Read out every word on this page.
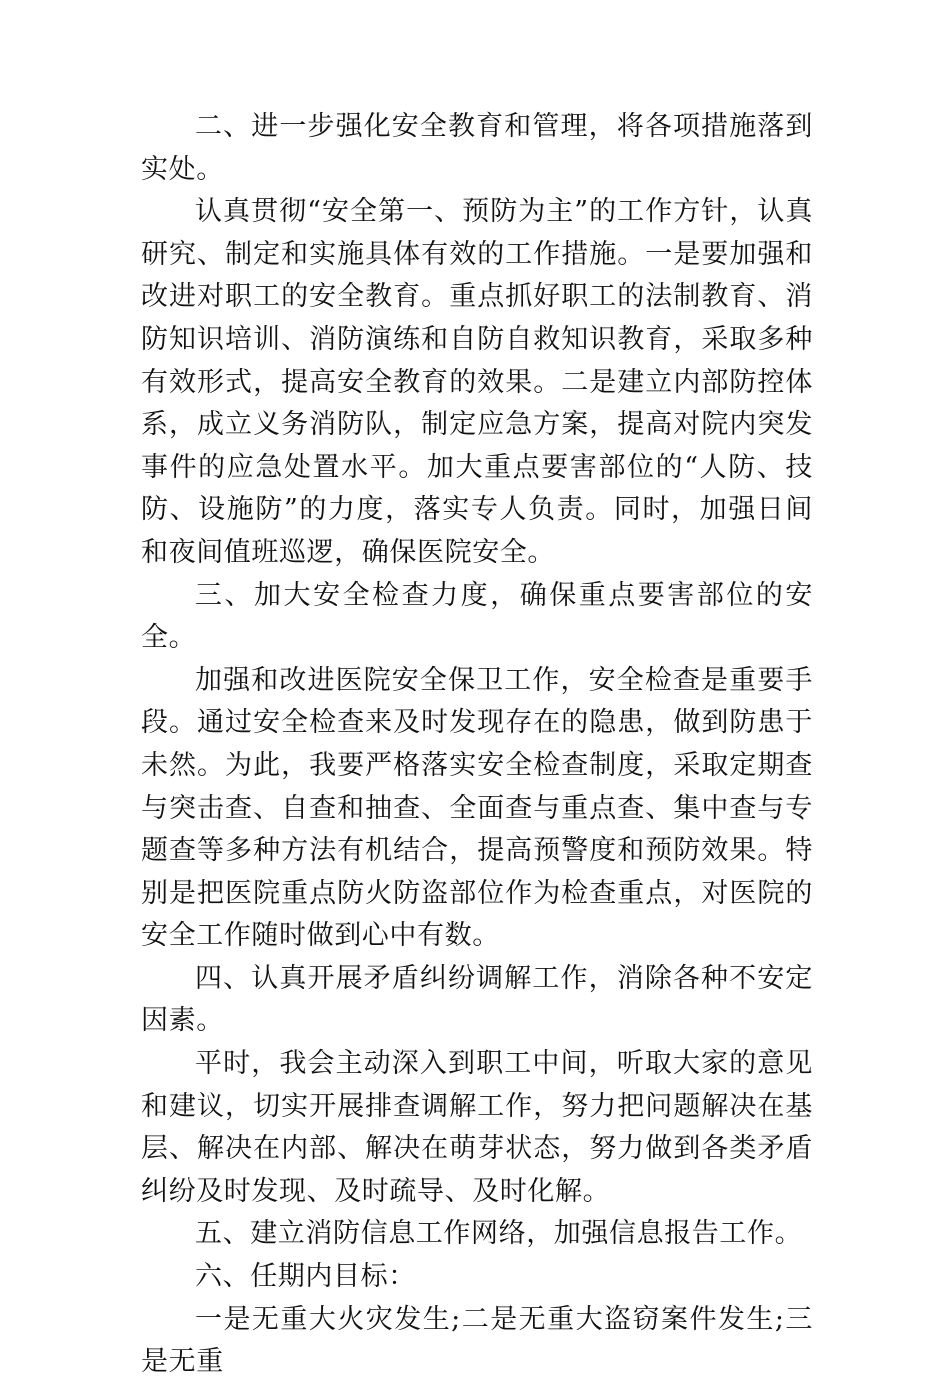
二、进一步强化安全教育和管理，将各项措施落到实处。

认真贯彻“安全第一、预防为主”的工作方针，认真研究、制定和实施具体有效的工作措施。一是要加强和改进对职工的安全教育。重点抓好职工的法制教育、消防知识培训、消防演练和自防自救知识教育，采取多种有效形式，提高安全教育的效果。二是建立内部防控体系，成立义务消防队，制定应急方案，提高对院内突发事件的应急处置水平。加大重点要害部位的“人防、技防、设施防”的力度，落实专人负责。同时，加强日间和夜间值班巡逻，确保医院安全。

三、加大安全检查力度，确保重点要害部位的安全。

加强和改进医院安全保卫工作，安全检查是重要手段。通过安全检查来及时发现存在的隐患，做到防患于未然。为此，我要严格落实安全检查制度，采取定期查与突击查、自查和抽查、全面查与重点查、集中查与专题查等多种方法有机结合，提高预警度和预防效果。特别是把医院重点防火防盗部位作为检查重点，对医院的安全工作随时做到心中有数。

四、认真开展矛盾纠纷调解工作，消除各种不安定因素。

平时，我会主动深入到职工中间，听取大家的意见和建议，切实开展排查调解工作，努力把问题解决在基层、解决在内部、解决在萌芽状态，努力做到各类矛盾纠纷及时发现、及时疏导、及时化解。

五、建立消防信息工作网络，加强信息报告工作。

六、任期内目标：

一是无重大火灾发生;二是无重大盗窃案件发生;三是无重
